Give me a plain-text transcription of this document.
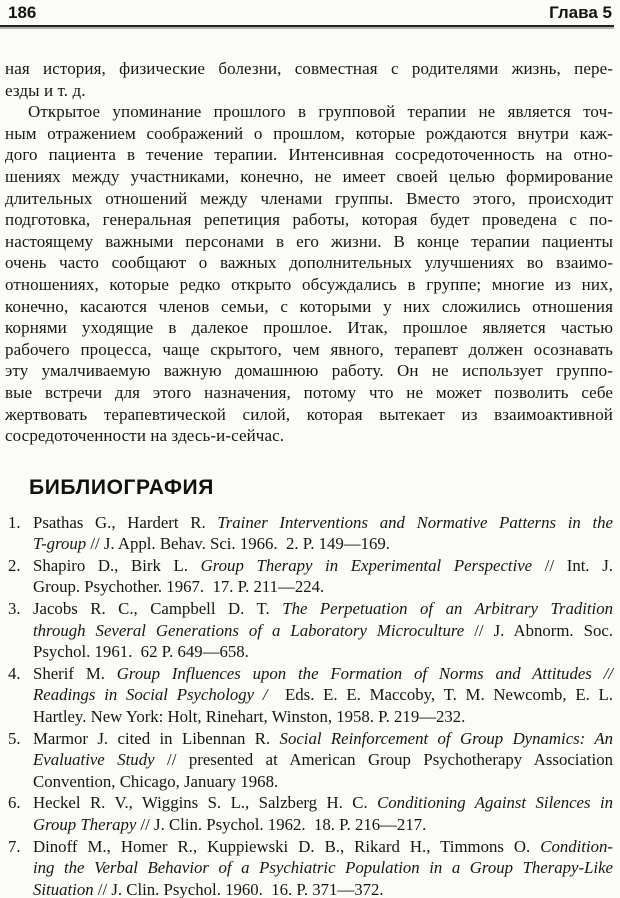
186	Глава 5
ная история, физические болезни, совместная с родителями жизнь, пере-
езды и т. д.
Открытое упоминание прошлого в групповой терапии не является точ-
ным отражением соображений о прошлом, которые рождаются внутри каж-
дого пациента в течение терапии. Интенсивная сосредоточенность на отно-
шениях между участниками, конечно, не имеет своей целью формирование
длительных отношений между членами группы. Вместо этого, происходит
подготовка, генеральная репетиция работы, которая будет проведена с по-
настоящему важными персонами в его жизни. В конце терапии пациенты
очень часто сообщают о важных дополнительных улучшениях во взаимо-
отношениях, которые редко открыто обсуждались в группе; многие из них,
конечно, касаются членов семьи, с которыми у них сложились отношения
корнями уходящие в далекое прошлое. Итак, прошлое является частью
рабочего процесса, чаще скрытого, чем явного, терапевт должен осознавать
эту умалчиваемую важную домашнюю работу. Он не использует группо-
вые встречи для этого назначения, потому что не может позволить себе
жертвовать терапевтической силой, которая вытекает из взаимоактивной
сосредоточенности на здесь-и-сейчас.
БИБЛИОГРАФИЯ
1. Psathas G., Hardert R. Trainer Interventions and Normative Patterns in the
T-group // J. Appl. Behav. Sci. 1966.  2. P. 149—169.
2. Shapiro D., Birk L. Group Therapy in Experimental Perspective // Int. J.
Group. Psychother. 1967.  17. P. 211—224.
3. Jacobs R. C., Campbell D. T. The Perpetuation of an Arbitrary Tradition
through Several Generations of a Laboratory Microculture // J. Abnorm. Soc.
Psychol. 1961.  62 P. 649—658.
4. Sherif M. Group Influences upon the Formation of Norms and Attitudes //
Readings in Social Psychology /  Eds. E. E. Maccoby, T. M. Newcomb, E. L.
Hartley. New York: Holt, Rinehart, Winston, 1958. P. 219—232.
5. Marmor J. cited in Libennan R. Social Reinforcement of Group Dynamics: An
Evaluative Study // presented at American Group Psychotherapy Association
Convention, Chicago, January 1968.
6. Heckel R. V., Wiggins S. L., Salzberg H. C. Conditioning Against Silences in
Group Therapy // J. Clin. Psychol. 1962.  18. P. 216—217.
7. Dinoff M., Homer R., Kuppiewski D. B., Rikard H., Timmons O. Condition-
ing the Verbal Behavior of a Psychiatric Population in a Group Therapy-Like
Situation // J. Clin. Psychol. 1960.  16. P. 371—372.
